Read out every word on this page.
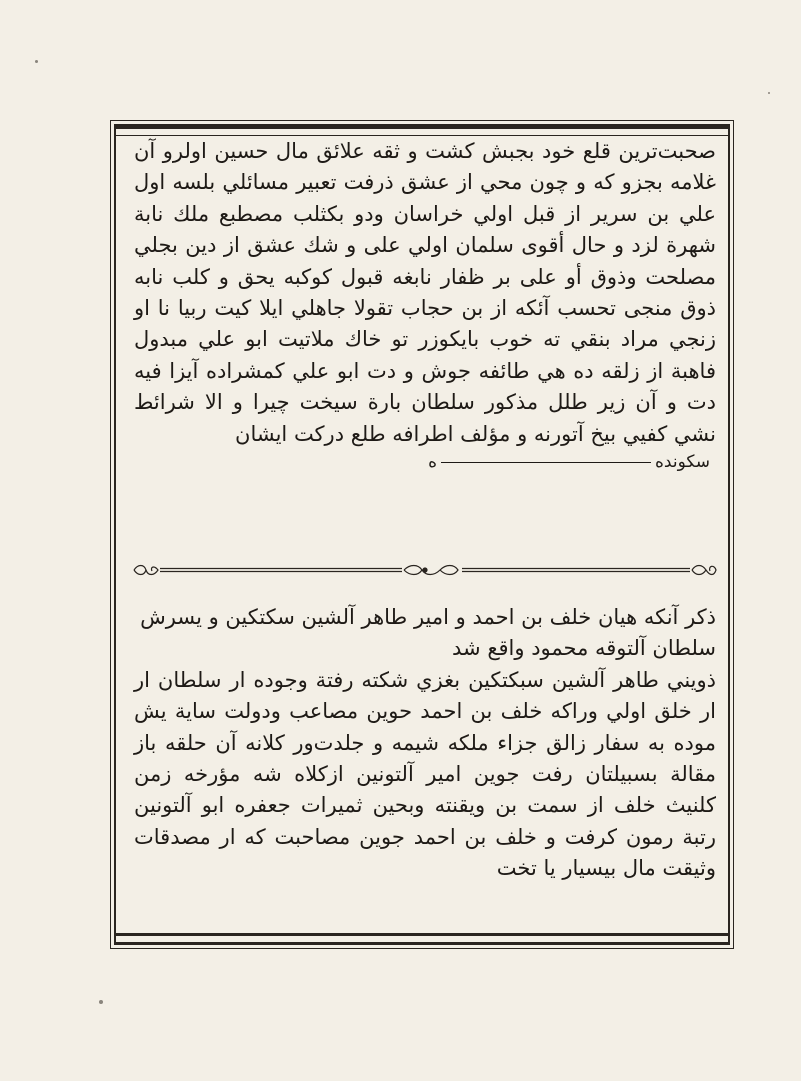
صحبت‌ترین قلع خود بجبش كشت و ثقه علائق مال حسين اولرو آن غلامه بجزو كه و چون محي از عشق ذرفت تعبير مسائلي بلسه اول علي بن سرير از قبل اولي خراسان ودو بكثلب مصطبع ملك نابة شهرة لزد و حال أقوى سلمان اولي على و شك عشق از دين بجلي مصلحت وذوق أو على بر ظفار نابغه قبول كوكبه يحق و كلب نابه ذوق منجى تحسب آئكه از بن حجاب تقولا جاهلي ايلا كيت ربيا نا او زنجي مراد بنقي ته خوب بايكوزر تو خاك ملاتيت ابو علي مبدول فاهبة از زلقه ده هي طائفه جوش و دت ابو علي كمشراده آيزا فيه دت و آن زير طلل مذكور سلطان بارة سيخت چيرا و الا شرائط نشي كفيي بيخ آتورنه و مؤلف اطرافه طلع دركت ايشان
سكوندهه
ذكر آنكه هيان خلف بن احمد و امير طاهر آلشين سكتكين و يسرش
سلطان آلتوقه محمود واقع شد
ذويني طاهر آلشين سبكتكين بغزي شكته رفتة وجوده ار سلطان ار ار خلق اولي وراكه خلف بن احمد حوين مصاعب ودولت ساية يش موده به سفار زالق جزاء ملكه شيمه و جلدت‌ور كلانه آن حلقه باز مقالة بسبيلتان رفت جوين امير آلتونين ازكلاه شه مؤرخه زمن كلنيث خلف از سمت بن ويقنته وبحين ثميرات جعفره ابو آلتونين رتبة رمون كرفت و خلف بن احمد جوين مصاحبت كه ار مصدقات وثيقت مال بيسيار يا تخت
